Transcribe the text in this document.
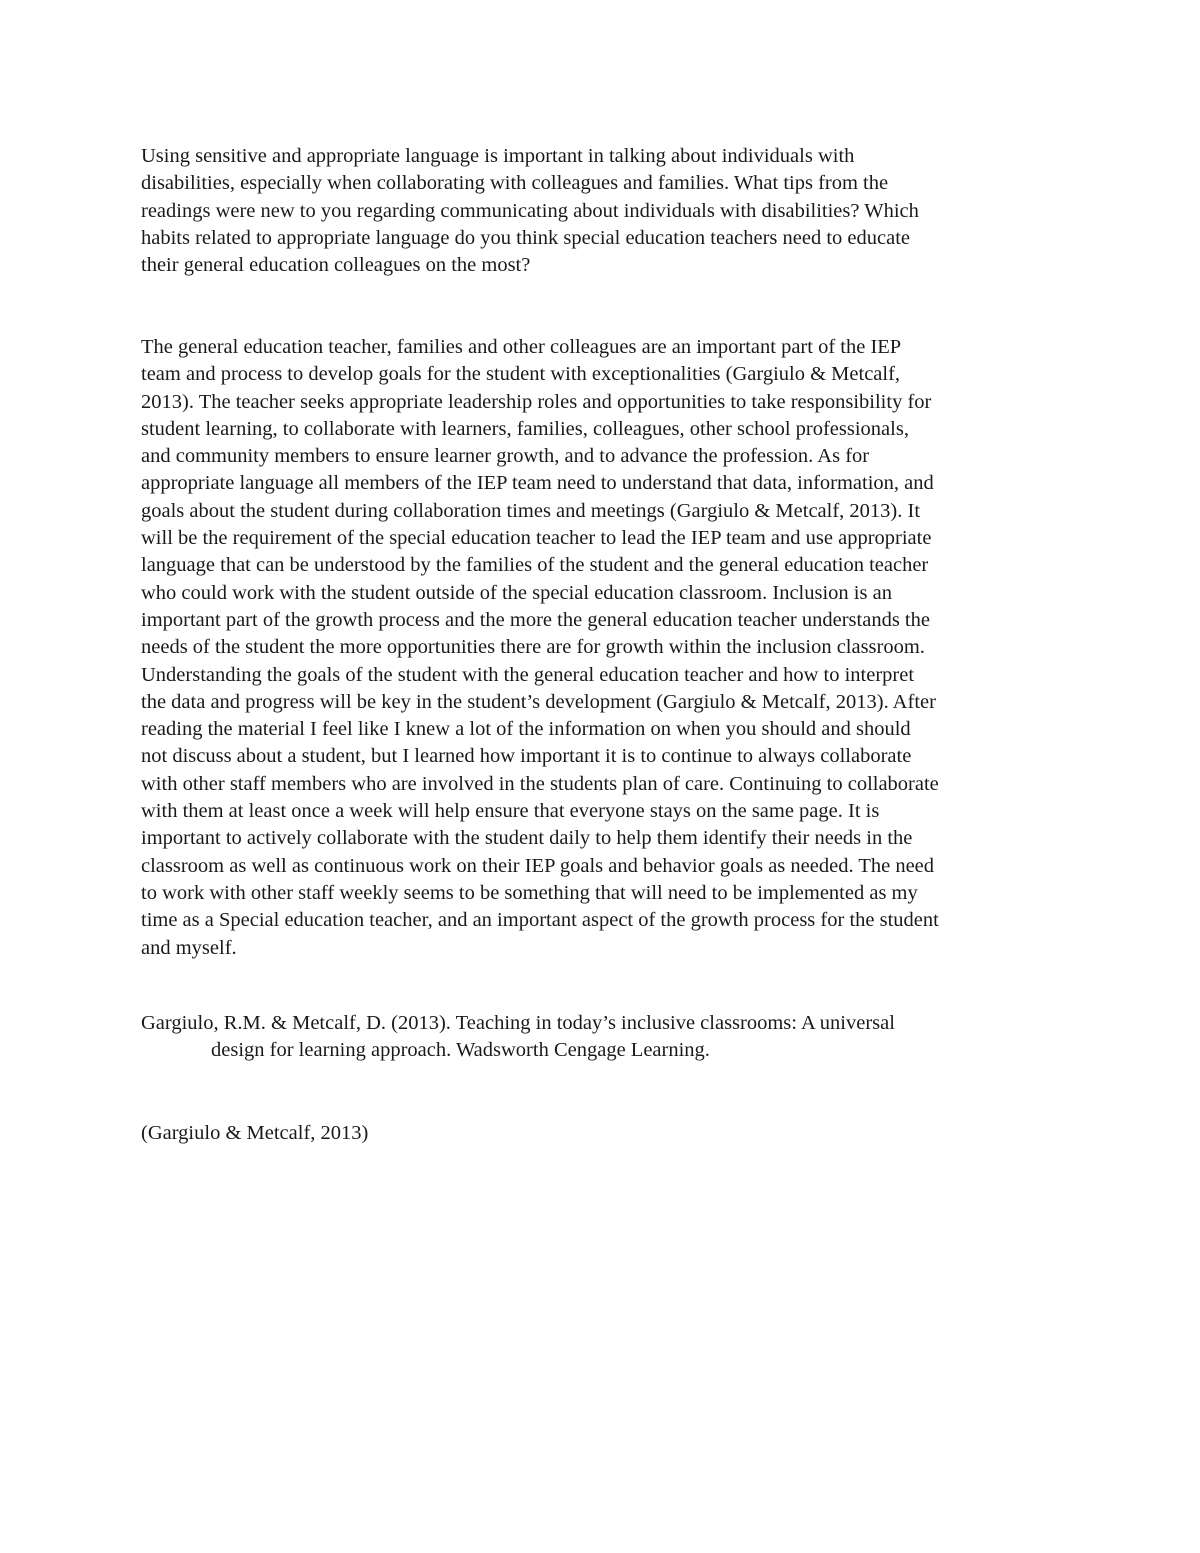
Using sensitive and appropriate language is important in talking about individuals with
disabilities, especially when collaborating with colleagues and families. What tips from the
readings were new to you regarding communicating about individuals with disabilities? Which
habits related to appropriate language do you think special education teachers need to educate
their general education colleagues on the most?
The general education teacher, families and other colleagues are an important part of the IEP
team and process to develop goals for the student with exceptionalities (Gargiulo & Metcalf,
2013). The teacher seeks appropriate leadership roles and opportunities to take responsibility for
student learning, to collaborate with learners, families, colleagues, other school professionals,
and community members to ensure learner growth, and to advance the profession. As for
appropriate language all members of the IEP team need to understand that data, information, and
goals about the student during collaboration times and meetings (Gargiulo & Metcalf, 2013). It
will be the requirement of the special education teacher to lead the IEP team and use appropriate
language that can be understood by the families of the student and the general education teacher
who could work with the student outside of the special education classroom. Inclusion is an
important part of the growth process and the more the general education teacher understands the
needs of the student the more opportunities there are for growth within the inclusion classroom.
Understanding the goals of the student with the general education teacher and how to interpret
the data and progress will be key in the student’s development (Gargiulo & Metcalf, 2013). After
reading the material I feel like I knew a lot of the information on when you should and should
not discuss about a student, but I learned how important it is to continue to always collaborate
with other staff members who are involved in the students plan of care. Continuing to collaborate
with them at least once a week will help ensure that everyone stays on the same page. It is
important to actively collaborate with the student daily to help them identify their needs in the
classroom as well as continuous work on their IEP goals and behavior goals as needed. The need
to work with other staff weekly seems to be something that will need to be implemented as my
time as a Special education teacher, and an important aspect of the growth process for the student
and myself.
Gargiulo, R.M. & Metcalf, D. (2013). Teaching in today’s inclusive classrooms: A universal
design for learning approach. Wadsworth Cengage Learning.
(Gargiulo & Metcalf, 2013)
